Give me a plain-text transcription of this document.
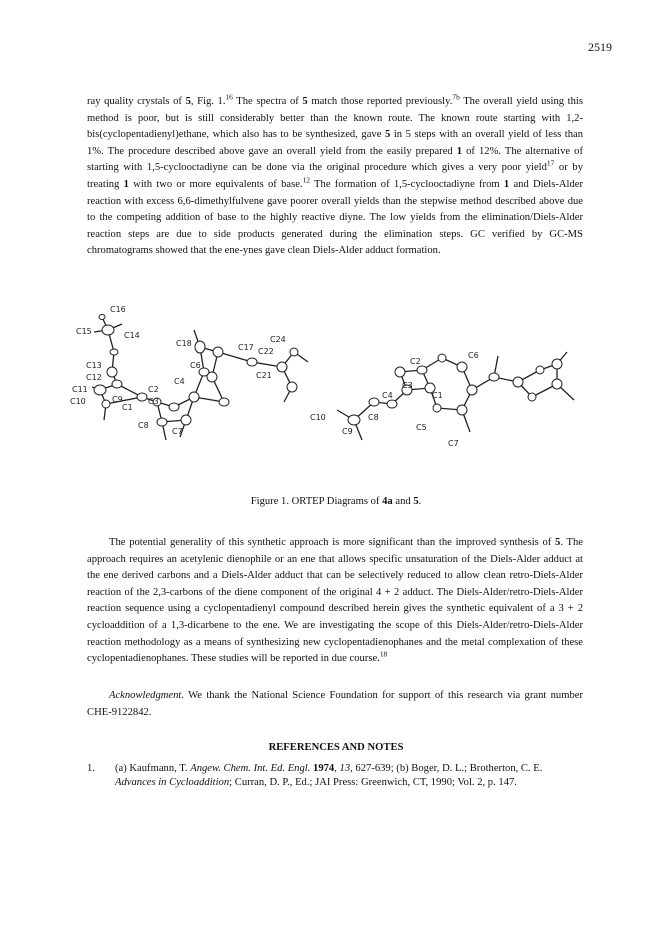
2519
ray quality crystals of 5, Fig. 1.16 The spectra of 5 match those reported previously.$^{7b}$ The overall yield using this method is poor, but is still considerably better than the known route. The known route starting with 1,2-bis(cyclopentadienyl)ethane, which also has to be synthesized, gave 5 in 5 steps with an overall yield of less than 1%. The procedure described above gave an overall yield from the easily prepared 1 of 12%. The alternative of starting with 1,5-cyclooctadiyne can be done via the original procedure which gives a very poor yield$^{17}$ or by treating 1 with two or more equivalents of base.$^{12}$ The formation of 1,5-cyclooctadiyne from 1 and Diels-Alder reaction with excess 6,6-dimethylfulvene gave poorer overall yields than the stepwise method described above due to the competing addition of base to the highly reactive diyne. The low yields from the elimination/Diels-Alder reaction steps are due to side products generated during the elimination steps. GC verified by GC-MS chromatograms showed that the ene-ynes gave clean Diels-Alder adduct formation.
C16
C15	C14
C18	C17 C22
C24
C13
C12	C4
C21
C11	C2
C6
C10	C9
C1
C3
C8
C7
C2
C6
C3
C1
C4
C10
C9
C8
C5
C7
Figure 1. ORTEP Diagrams of 4a and 5.
The potential generality of this synthetic approach is more significant than the improved synthesis of 5. The approach requires an acetylenic dienophile or an ene that allows specific unsaturation of the Diels-Alder adduct at the ene derived carbons and a Diels-Alder adduct that can be selectively reduced to allow clean retro-Diels-Alder reaction of the 2,3-carbons of the diene component of the original 4 + 2 adduct. The Diels-Alder/retro-Diels-Alder reaction sequence using a cyclopentadienyl compound described herein gives the synthetic equivalent of a 3 + 2 cycloaddition of a 1,3-dicarbene to the ene. We are investigating the scope of this Diels-Alder/retro-Diels-Alder reaction methodology as a means of synthesizing new cyclopentadienophanes and the metal complexation of these cyclopentadienophanes. These studies will be reported in due course.$^{18}$
Acknowledgment. We thank the National Science Foundation for support of this research via grant number CHE-9122842.
REFERENCES AND NOTES
1.	(a) Kaufmann, T. Angew. Chem. Int. Ed. Engl. 1974, 13, 627-639; (b) Boger, D. L.; Brotherton, C. E. Advances in Cycloaddition; Curran, D. P., Ed.; JAI Press: Greenwich, CT, 1990; Vol. 2, p. 147.
